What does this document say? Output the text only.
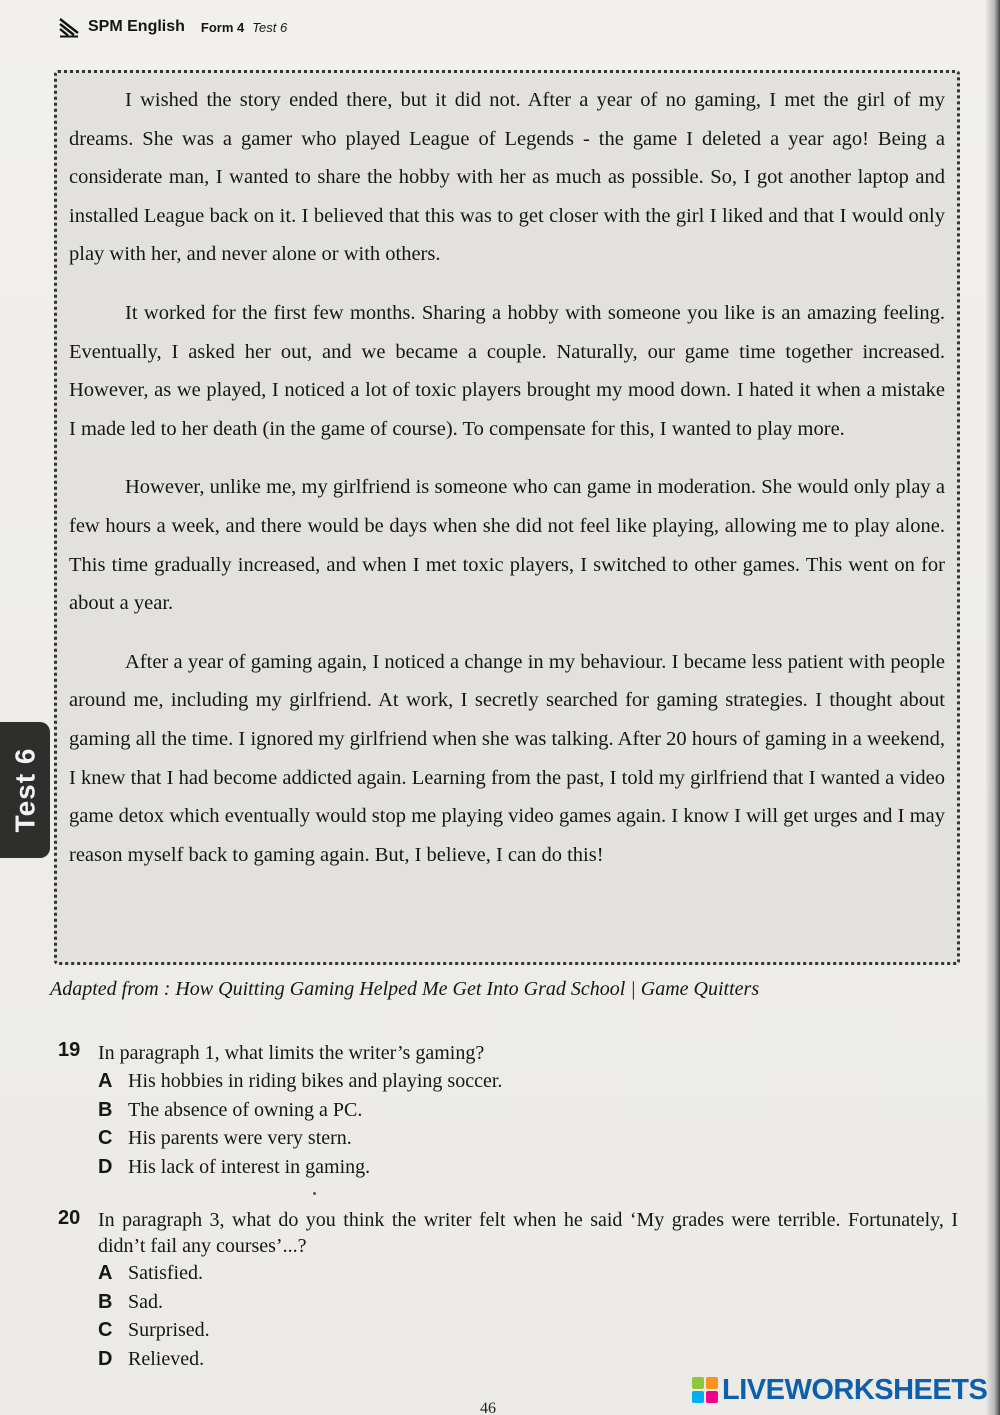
SPM English Form 4 Test 6
Test 6

I wished the story ended there, but it did not. After a year of no gaming, I met the girl of my dreams. She was a gamer who played League of Legends - the game I deleted a year ago! Being a considerate man, I wanted to share the hobby with her as much as possible. So, I got another laptop and installed League back on it. I believed that this was to get closer with the girl I liked and that I would only play with her, and never alone or with others.

It worked for the first few months. Sharing a hobby with someone you like is an amazing feeling. Eventually, I asked her out, and we became a couple. Naturally, our game time together increased. However, as we played, I noticed a lot of toxic players brought my mood down. I hated it when a mistake I made led to her death (in the game of course). To compensate for this, I wanted to play more.

However, unlike me, my girlfriend is someone who can game in moderation. She would only play a few hours a week, and there would be days when she did not feel like playing, allowing me to play alone. This time gradually increased, and when I met toxic players, I switched to other games. This went on for about a year.

After a year of gaming again, I noticed a change in my behaviour. I became less patient with people around me, including my girlfriend. At work, I secretly searched for gaming strategies. I thought about gaming all the time. I ignored my girlfriend when she was talking. After 20 hours of gaming in a weekend, I knew that I had become addicted again. Learning from the past, I told my girlfriend that I wanted a video game detox which eventually would stop me playing video games again. I know I will get urges and I may reason myself back to gaming again. But, I believe, I can do this!

Adapted from : How Quitting Gaming Helped Me Get Into Grad School | Game Quitters
19 In paragraph 1, what limits the writer’s gaming?
A His hobbies in riding bikes and playing soccer.
B The absence of owning a PC.
C His parents were very stern.
D His lack of interest in gaming.
20 In paragraph 3, what do you think the writer felt when he said ‘My grades were terrible. Fortunately, I didn’t fail any courses’...?
A Satisfied.
B Sad.
C Surprised.
D Relieved.
46
LIVEWORKSHEETS
